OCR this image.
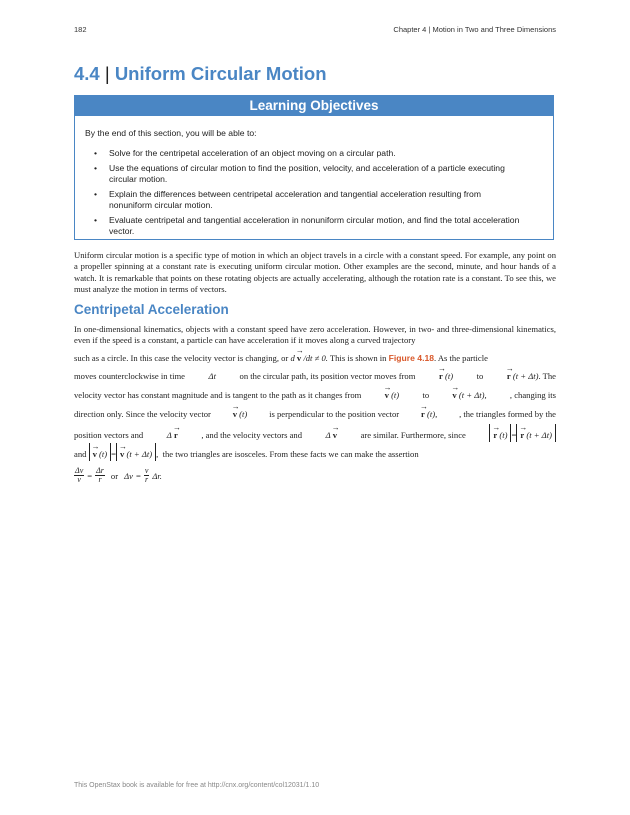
182	Chapter 4 | Motion in Two and Three Dimensions
4.4 | Uniform Circular Motion
Learning Objectives
By the end of this section, you will be able to:
• Solve for the centripetal acceleration of an object moving on a circular path.
• Use the equations of circular motion to find the position, velocity, and acceleration of a particle executing circular motion.
• Explain the differences between centripetal acceleration and tangential acceleration resulting from nonuniform circular motion.
• Evaluate centripetal and tangential acceleration in nonuniform circular motion, and find the total acceleration vector.

Uniform circular motion is a specific type of motion in which an object travels in a circle with a constant speed. For example, any point on a propeller spinning at a constant rate is executing uniform circular motion. Other examples are the second, minute, and hour hands of a watch. It is remarkable that points on these rotating objects are actually accelerating, although the rotation rate is a constant. To see this, we must analyze the motion in terms of vectors.

Centripetal Acceleration
In one-dimensional kinematics, objects with a constant speed have zero acceleration. However, in two- and three-dimensional kinematics, even if the speed is a constant, a particle can have acceleration if it moves along a curved trajectory
such as a circle. In this case the velocity vector is changing, or d → v /dt ≠ 0. This is shown in Figure 4.18. As the particle
moves counterclockwise in time	Δt	on the circular path, its position vector moves from	→ r (t)	to	→ r (t + Δt). The
velocity vector has constant magnitude and is tangent to the path as it changes from	→ v (t)	to	→ v (t + Δt),	, changing its
direction only. Since the velocity vector	→ v (t)	is perpendicular to the position vector	→ r (t),	, the triangles formed by the
position vectors and	Δ → r	, and the velocity vectors and	Δ → v	are similar. Furthermore, since	→ r (t) = → r (t + Δt)
and → v (t) = → v (t + Δt) , the two triangles are isosceles. From these facts we can make the assertion
$\frac{\Delta v}{v} = \frac{\Delta r}{r}$ or $\Delta v = \frac{v}{r} \Delta r$.
This OpenStax book is available for free at http://cnx.org/content/col12031/1.10
